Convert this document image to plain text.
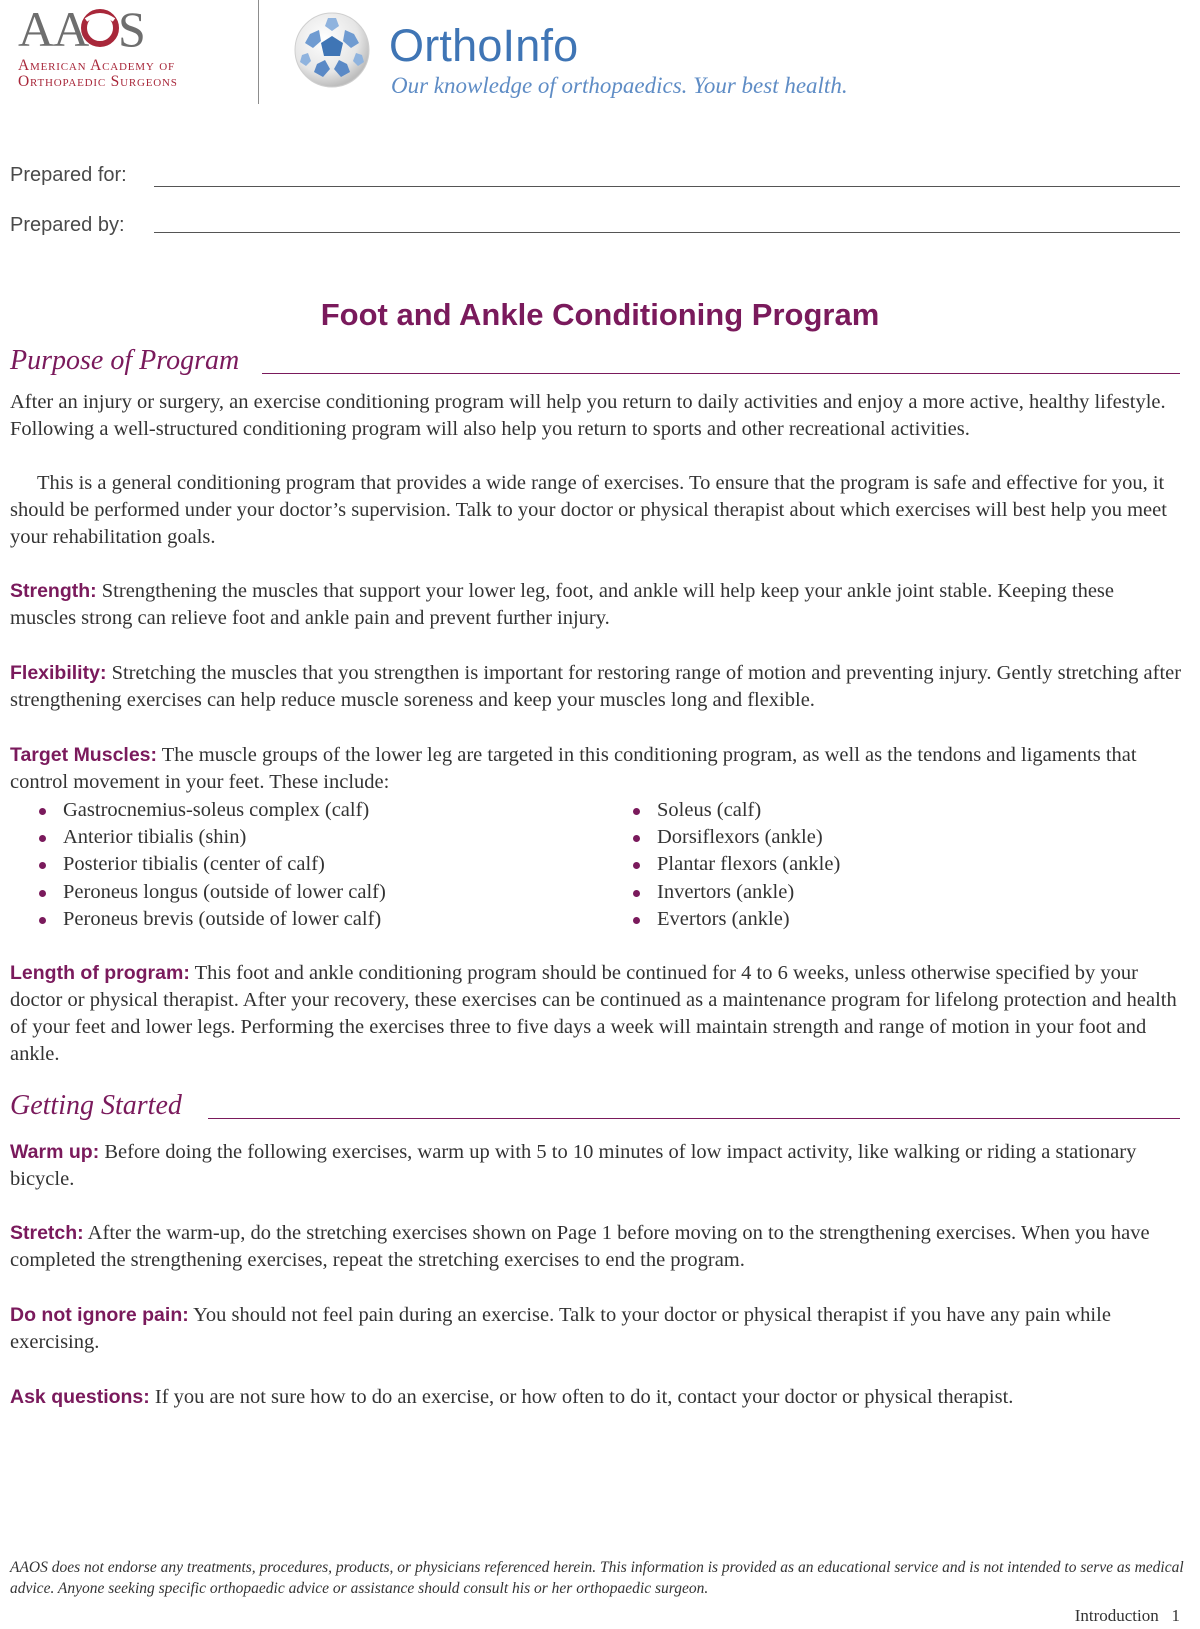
AA S
American Academy of
Orthopaedic Surgeons
OrthoInfo
Our knowledge of orthopaedics. Your best health.
Prepared for:
Prepared by:
Foot and Ankle Conditioning Program
Purpose of Program
After an injury or surgery, an exercise conditioning program will help you return to daily activities and enjoy a more active, healthy lifestyle. Following a well-structured conditioning program will also help you return to sports and other recreational activities.
This is a general conditioning program that provides a wide range of exercises. To ensure that the program is safe and effective for you, it should be performed under your doctor’s supervision. Talk to your doctor or physical therapist about which exercises will best help you meet your rehabilitation goals.
Strength: Strengthening the muscles that support your lower leg, foot, and ankle will help keep your ankle joint stable. Keeping these muscles strong can relieve foot and ankle pain and prevent further injury.
Flexibility: Stretching the muscles that you strengthen is important for restoring range of motion and preventing injury. Gently stretching after strengthening exercises can help reduce muscle soreness and keep your muscles long and flexible.
Target Muscles: The muscle groups of the lower leg are targeted in this conditioning program, as well as the tendons and ligaments that control movement in your feet. These include:
Gastrocnemius-soleus complex (calf)
Anterior tibialis (shin)
Posterior tibialis (center of calf)
Peroneus longus (outside of lower calf)
Peroneus brevis (outside of lower calf)
Soleus (calf)
Dorsiflexors (ankle)
Plantar flexors (ankle)
Invertors (ankle)
Evertors (ankle)
Length of program: This foot and ankle conditioning program should be continued for 4 to 6 weeks, unless otherwise specified by your doctor or physical therapist. After your recovery, these exercises can be continued as a maintenance program for lifelong protection and health of your feet and lower legs. Performing the exercises three to five days a week will maintain strength and range of motion in your foot and ankle.
Getting Started
Warm up: Before doing the following exercises, warm up with 5 to 10 minutes of low impact activity, like walking or riding a stationary bicycle.
Stretch: After the warm-up, do the stretching exercises shown on Page 1 before moving on to the strengthening exercises. When you have completed the strengthening exercises, repeat the stretching exercises to end the program.
Do not ignore pain: You should not feel pain during an exercise. Talk to your doctor or physical therapist if you have any pain while exercising.
Ask questions: If you are not sure how to do an exercise, or how often to do it, contact your doctor or physical therapist.
AAOS does not endorse any treatments, procedures, products, or physicians referenced herein. This information is provided as an educational service and is not intended to serve as medical advice. Anyone seeking specific orthopaedic advice or assistance should consult his or her orthopaedic surgeon.
Introduction   1
